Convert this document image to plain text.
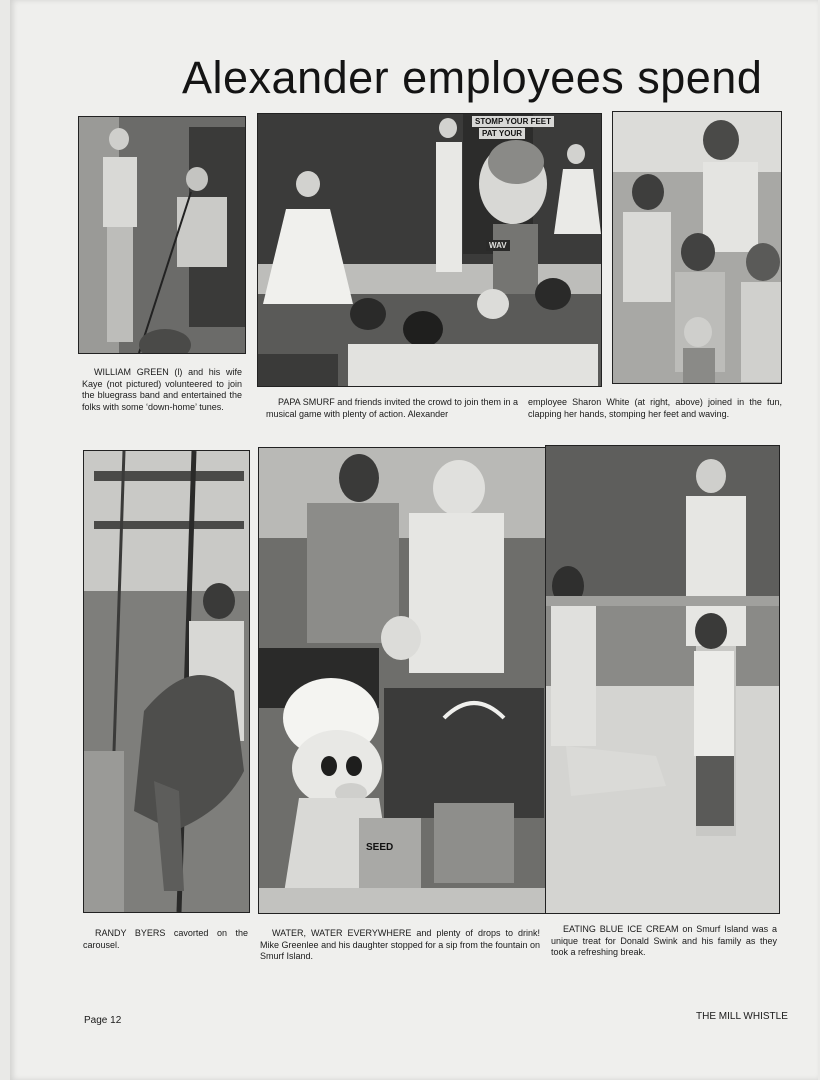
Alexander employees spend
STOMP YOUR FEET
PAT YOUR
WAV
WILLIAM GREEN (l) and his wife Kaye (not pictured) volunteered to join the bluegrass band and entertained the folks with some ‘down-home’ tunes.	PAPA SMURF and friends invited the crowd to join them in a musical game with plenty of action. Alexander
employee Sharon White (at right, above) joined in the fun, clapping her hands, stomping her feet and waving.
SEED
RANDY BYERS cavorted on the carousel.
WATER, WATER EVERYWHERE and plenty of drops to drink! Mike Greenlee and his daughter stopped for a sip from the fountain on Smurf Island.
EATING BLUE ICE CREAM on Smurf Island was a unique treat for Donald Swink and his family as they took a refreshing break.
Page 12	THE MILL WHISTLE
